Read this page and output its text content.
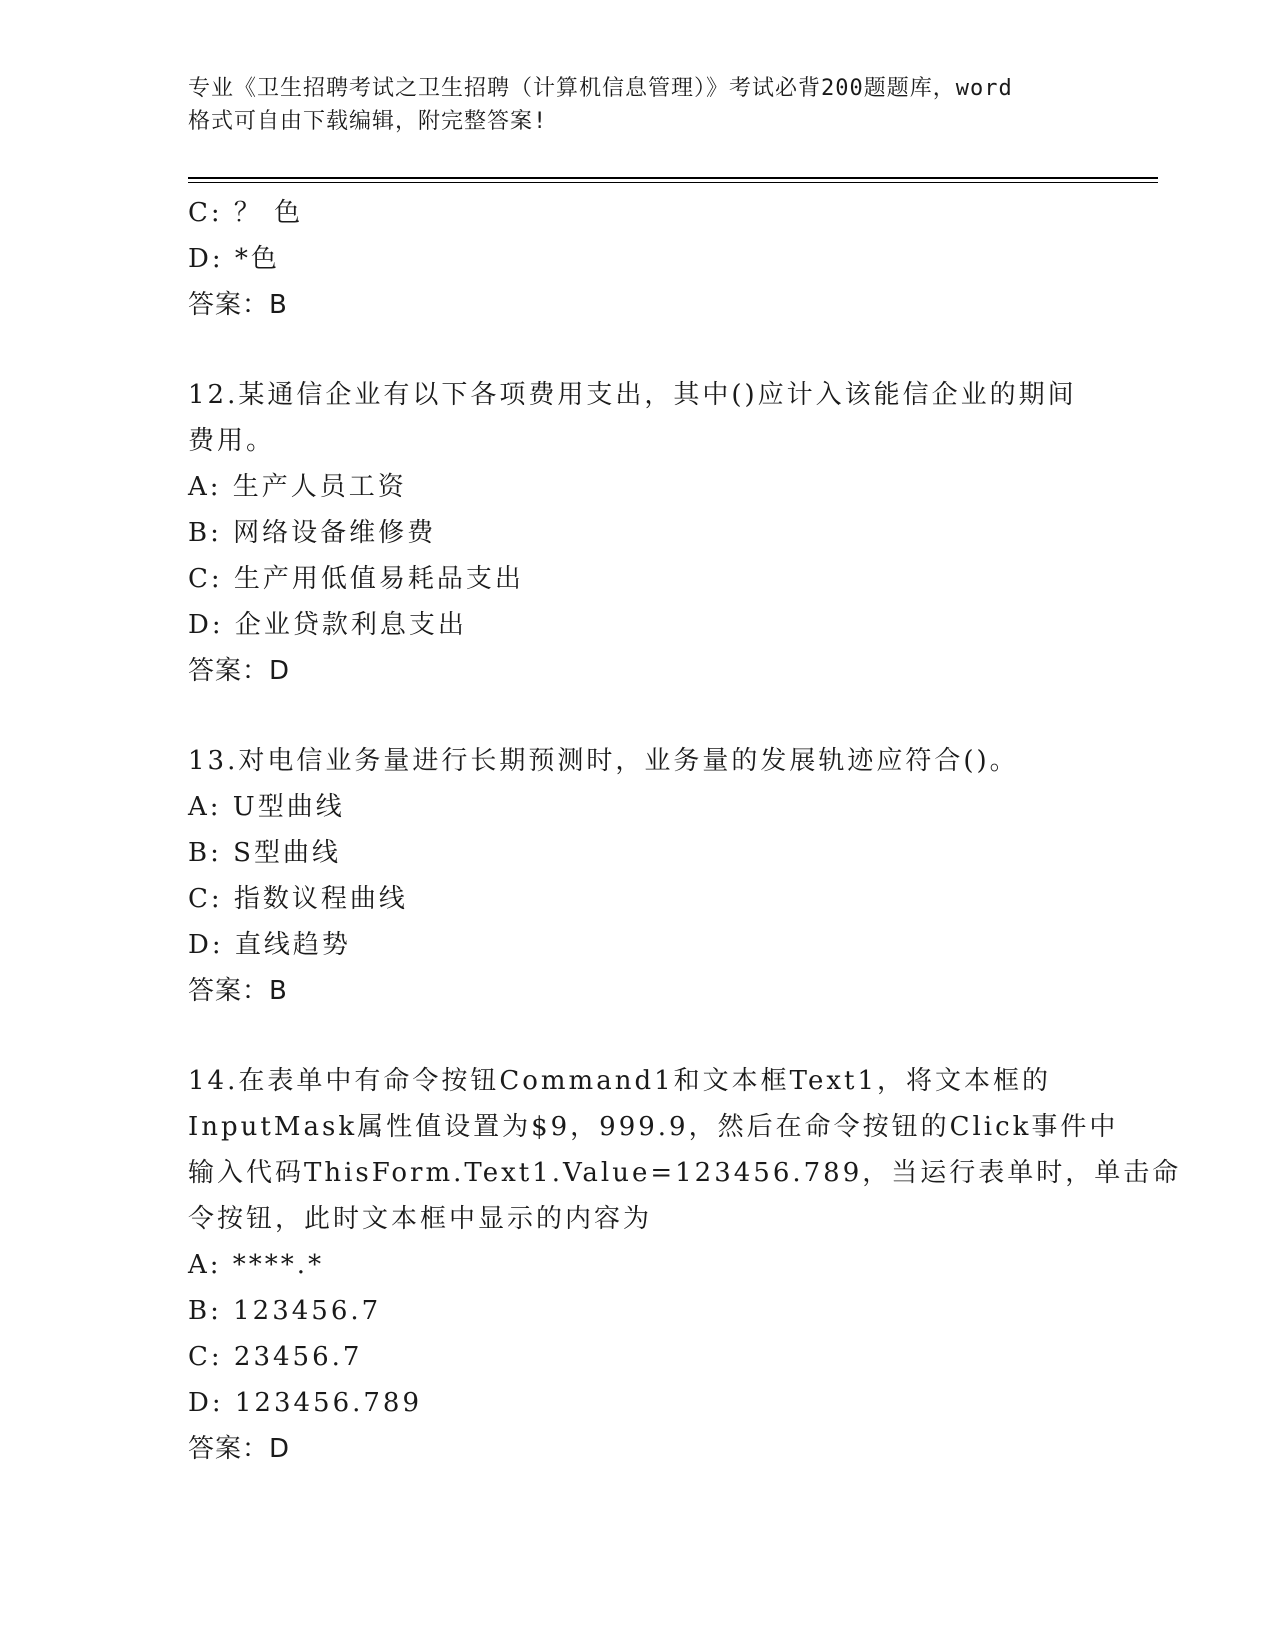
专业《卫生招聘考试之卫生招聘（计算机信息管理）》考试必背200题题库，word
格式可自由下载编辑，附完整答案!
C: ？ 色
D: *色
答案：B
12.某通信企业有以下各项费用支出，其中()应计入该能信企业的期间
费用。
A: 生产人员工资
B: 网络设备维修费
C: 生产用低值易耗品支出
D: 企业贷款利息支出
答案：D
13.对电信业务量进行长期预测时，业务量的发展轨迹应符合()。
A: U型曲线
B: S型曲线
C: 指数议程曲线
D: 直线趋势
答案：B
14.在表单中有命令按钮Command1和文本框Text1，将文本框的
InputMask属性值设置为$9，999.9，然后在命令按钮的Click事件中
输入代码ThisForm.Text1.Value=123456.789，当运行表单时，单击命
令按钮，此时文本框中显示的内容为
A: ****.*
B: 123456.7
C: 23456.7
D: 123456.789
答案：D
